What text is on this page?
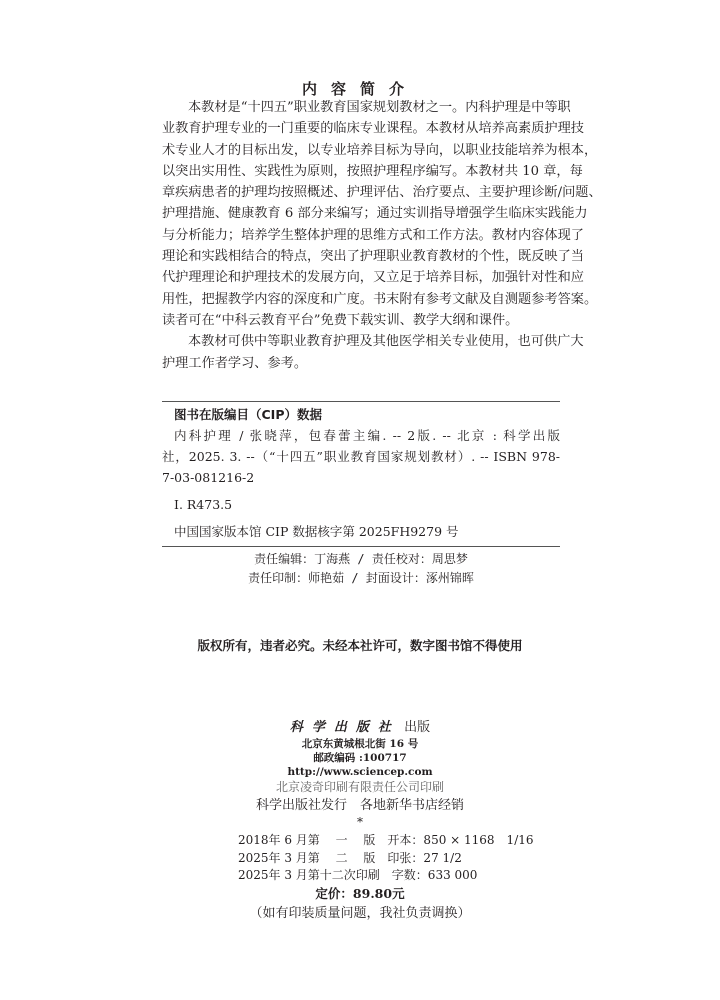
内容简介
本教材是“十四五”职业教育国家规划教材之一。内科护理是中等职
业教育护理专业的一门重要的临床专业课程。本教材从培养高素质护理技
术专业人才的目标出发，以专业培养目标为导向，以职业技能培养为根本，
以突出实用性、实践性为原则，按照护理程序编写。本教材共 10 章，每
章疾病患者的护理均按照概述、护理评估、治疗要点、主要护理诊断/问题、
护理措施、健康教育 6 部分来编写；通过实训指导增强学生临床实践能力
与分析能力；培养学生整体护理的思维方式和工作方法。教材内容体现了
理论和实践相结合的特点，突出了护理职业教育教材的个性，既反映了当
代护理理论和护理技术的发展方向，又立足于培养目标，加强针对性和应
用性，把握教学内容的深度和广度。书末附有参考文献及自测题参考答案。
读者可在“中科云教育平台”免费下载实训、教学大纲和课件。
本教材可供中等职业教育护理及其他医学相关专业使用，也可供广大
护理工作者学习、参考。
图书在版编目（CIP）数据
内科护理 / 张晓萍，包春蕾主编. -- 2版. -- 北京 : 科学出版
社，2025. 3. --（“十四五”职业教育国家规划教材）. -- ISBN 978-
7-03-081216-2
Ⅰ. R473.5
中国国家版本馆 CIP 数据核字第 2025FH9279 号
责任编辑：丁海燕 / 责任校对：周思梦
责任印制：师艳茹 / 封面设计：涿州锦晖
版权所有，违者必究。未经本社许可，数字图书馆不得使用
科学出版社 出版
北京东黄城根北街 16 号
邮政编码 :100717
http://www.sciencep.com
北京凌奇印刷有限责任公司印刷
科学出版社发行　各地新华书店经销
*
2018年 6 月第　 一　 版　开本：850 × 1168　1/16
2025年 3 月第　 二　 版　印张：27 1/2
2025年 3 月第十二次印刷　字数：633 000
定价：89.80元
（如有印装质量问题，我社负责调换）
